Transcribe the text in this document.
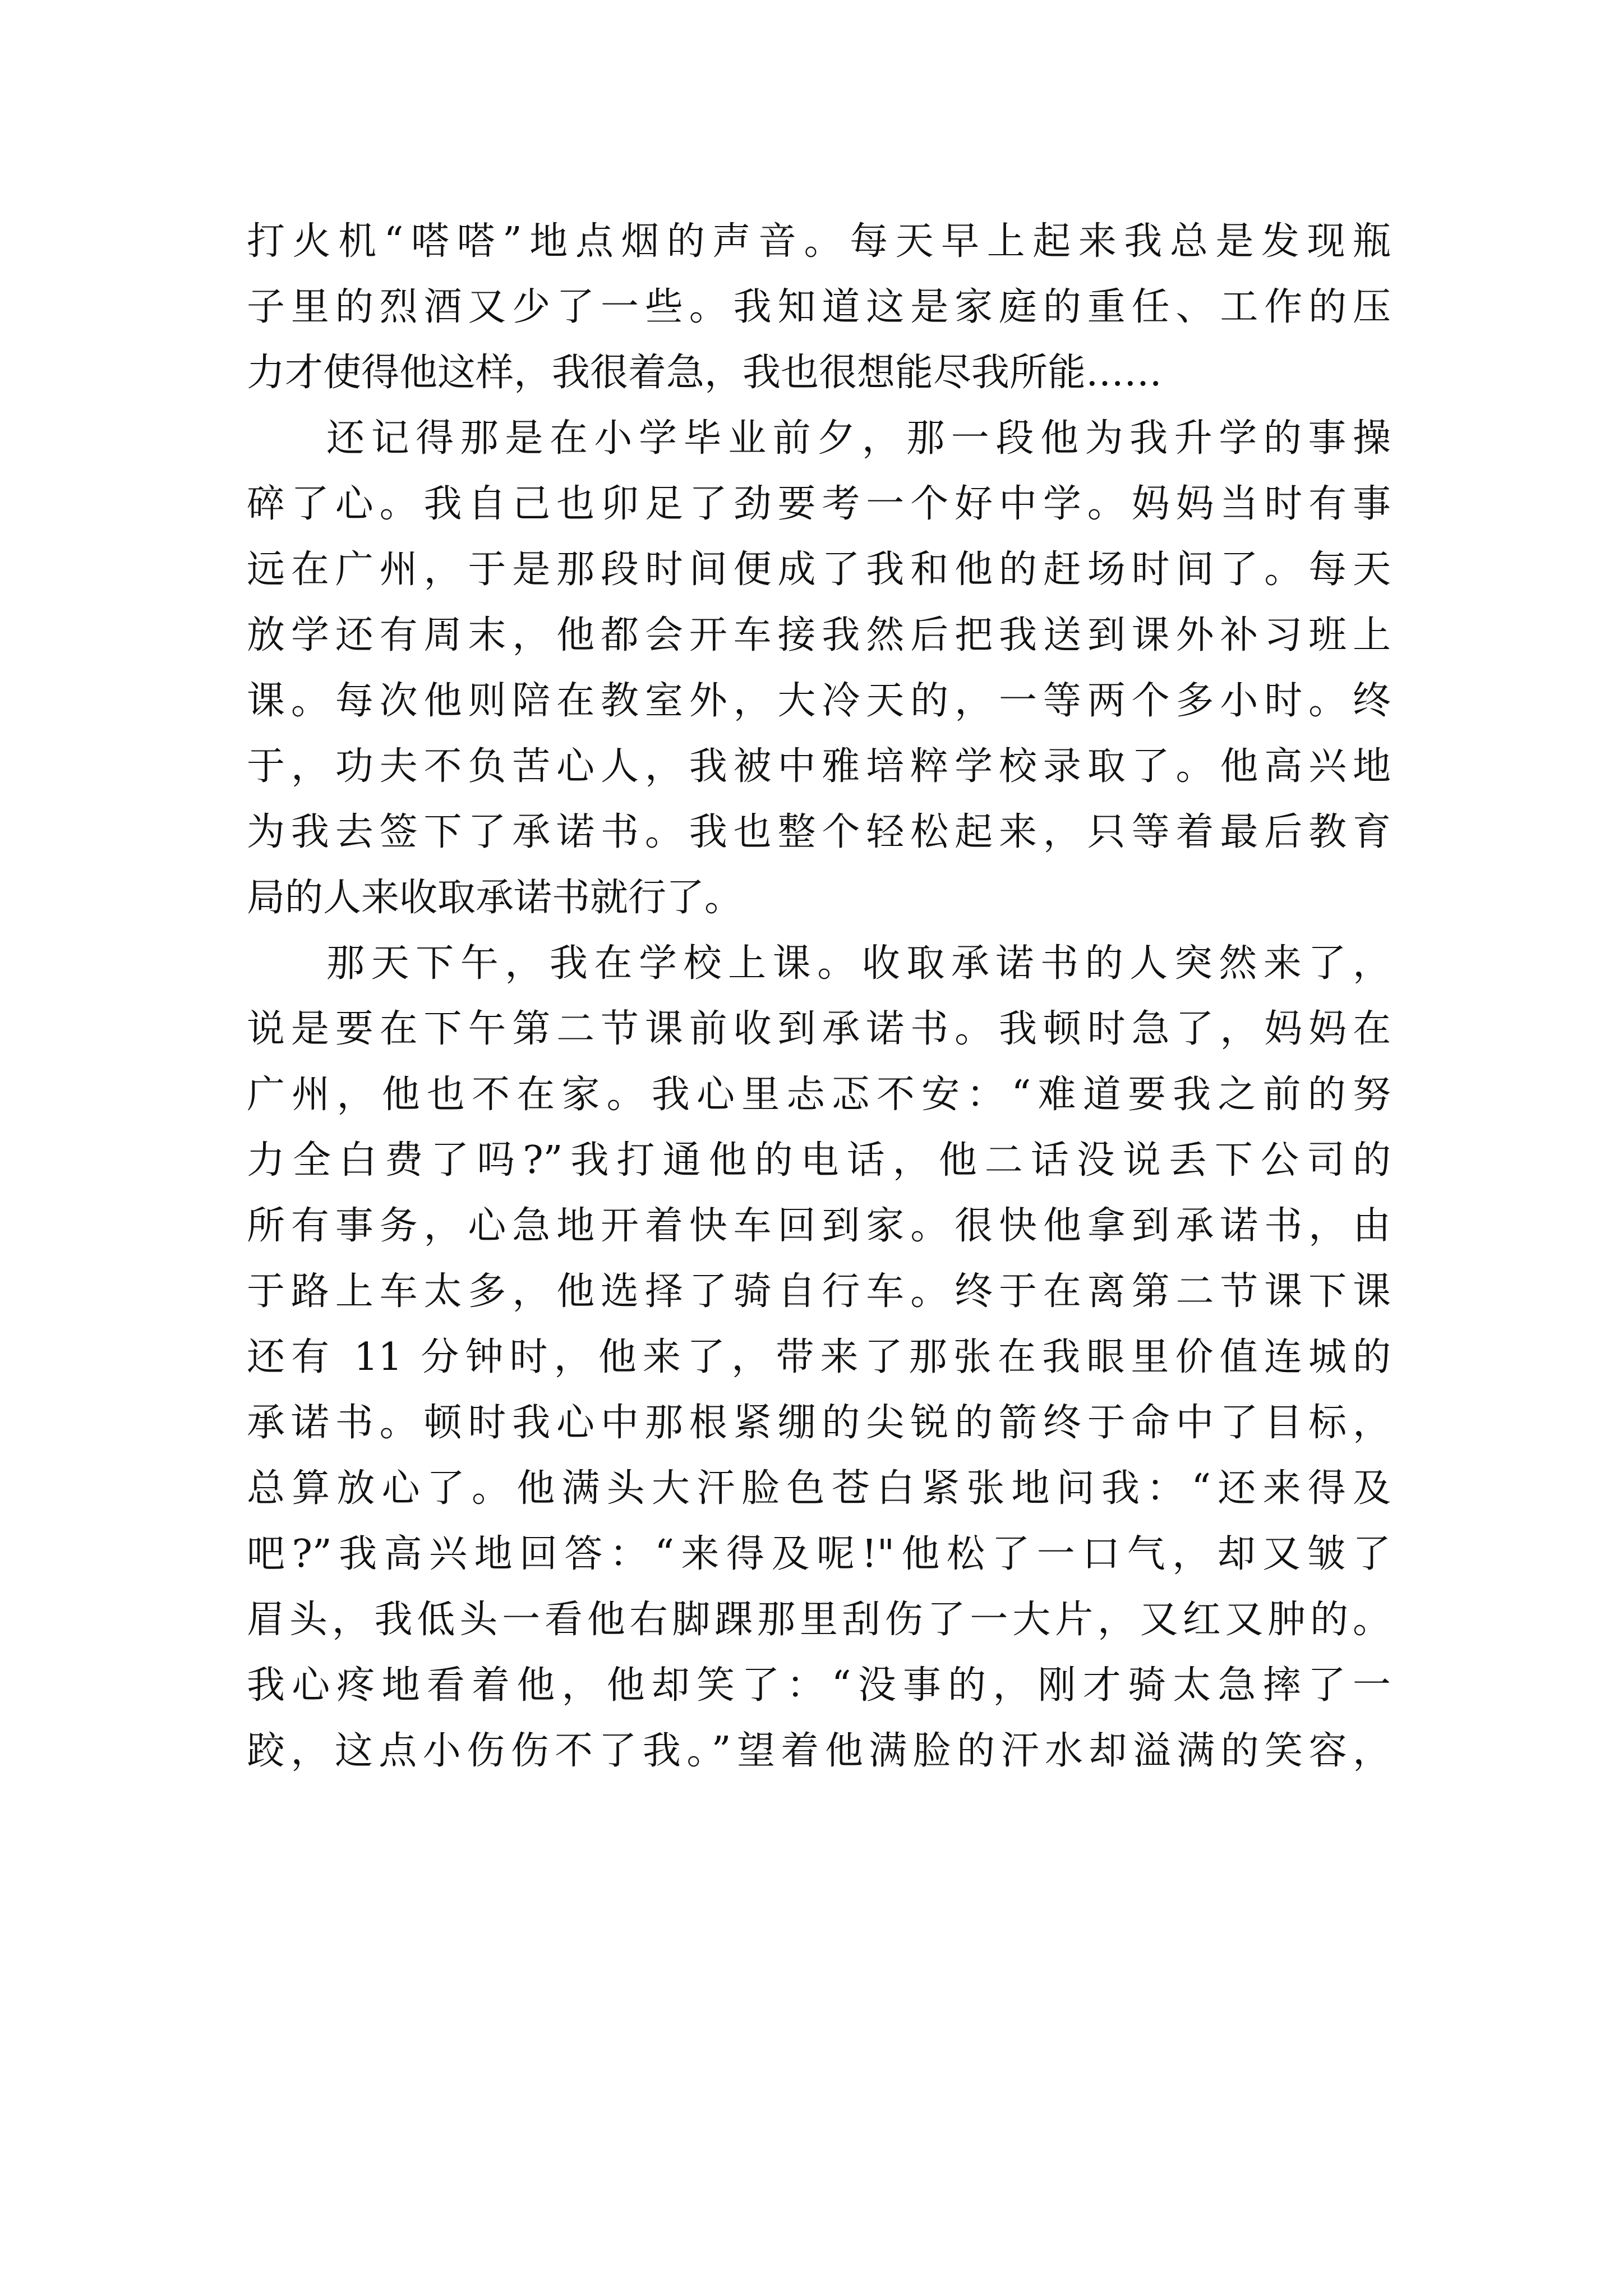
打火机“嗒嗒”地点烟的声音。每天早上起来我总是发现瓶
子里的烈酒又少了一些。我知道这是家庭的重任、工作的压
力才使得他这样，我很着急，我也很想能尽我所能……
还记得那是在小学毕业前夕，那一段他为我升学的事操
碎了心。我自己也卯足了劲要考一个好中学。妈妈当时有事
远在广州，于是那段时间便成了我和他的赶场时间了。每天
放学还有周末，他都会开车接我然后把我送到课外补习班上
课。每次他则陪在教室外，大冷天的，一等两个多小时。终
于，功夫不负苦心人，我被中雅培粹学校录取了。他高兴地
为我去签下了承诺书。我也整个轻松起来，只等着最后教育
局的人来收取承诺书就行了。
那天下午，我在学校上课。收取承诺书的人突然来了，
说是要在下午第二节课前收到承诺书。我顿时急了，妈妈在
广州，他也不在家。我心里忐忑不安：“难道要我之前的努
力全白费了吗?”我打通他的电话，他二话没说丢下公司的
所有事务，心急地开着快车回到家。很快他拿到承诺书，由
于路上车太多，他选择了骑自行车。终于在离第二节课下课
还有 11 分钟时，他来了，带来了那张在我眼里价值连城的
承诺书。顿时我心中那根紧绷的尖锐的箭终于命中了目标，
总算放心了。他满头大汗脸色苍白紧张地问我：“还来得及
吧?”我高兴地回答：“来得及呢!"他松了一口气，却又皱了
眉头，我低头一看他右脚踝那里刮伤了一大片，又红又肿的。
我心疼地看着他，他却笑了：“没事的，刚才骑太急摔了一
跤，这点小伤伤不了我。”望着他满脸的汗水却溢满的笑容，
